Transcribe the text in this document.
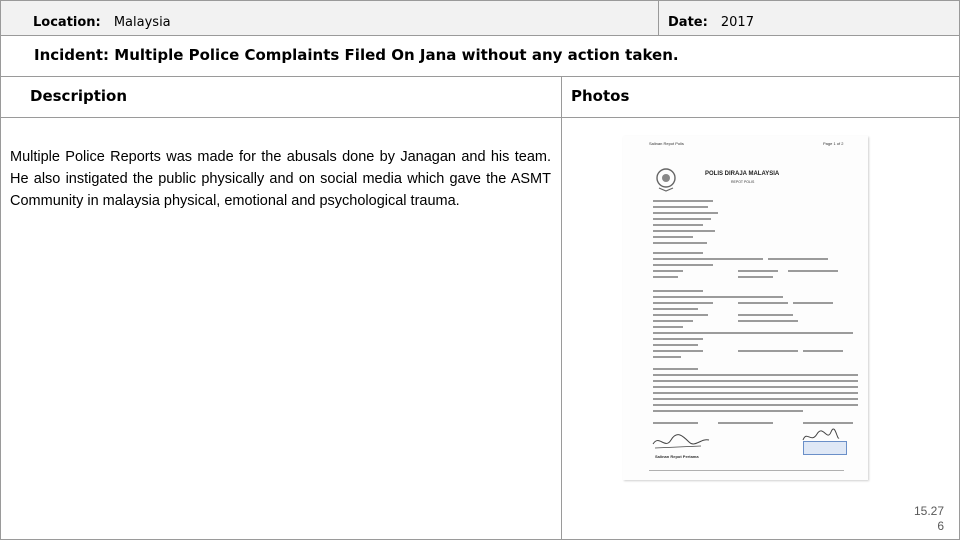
Location: Malaysia	Date: 2017
Incident: Multiple Police Complaints Filed On Jana without any action taken.
Description	Photos
Multiple Police Reports was made for the abusals done by Janagan and his team. He also instigated the public physically and on social media which gave the ASMT Community in malaysia physical, emotional and psychological trauma.
Salinan Repot Polis	Page 1 of 2
POLIS DIRAJA MALAYSIA
REPOT POLIS
Salinan Repot Pertama
15.27
6
